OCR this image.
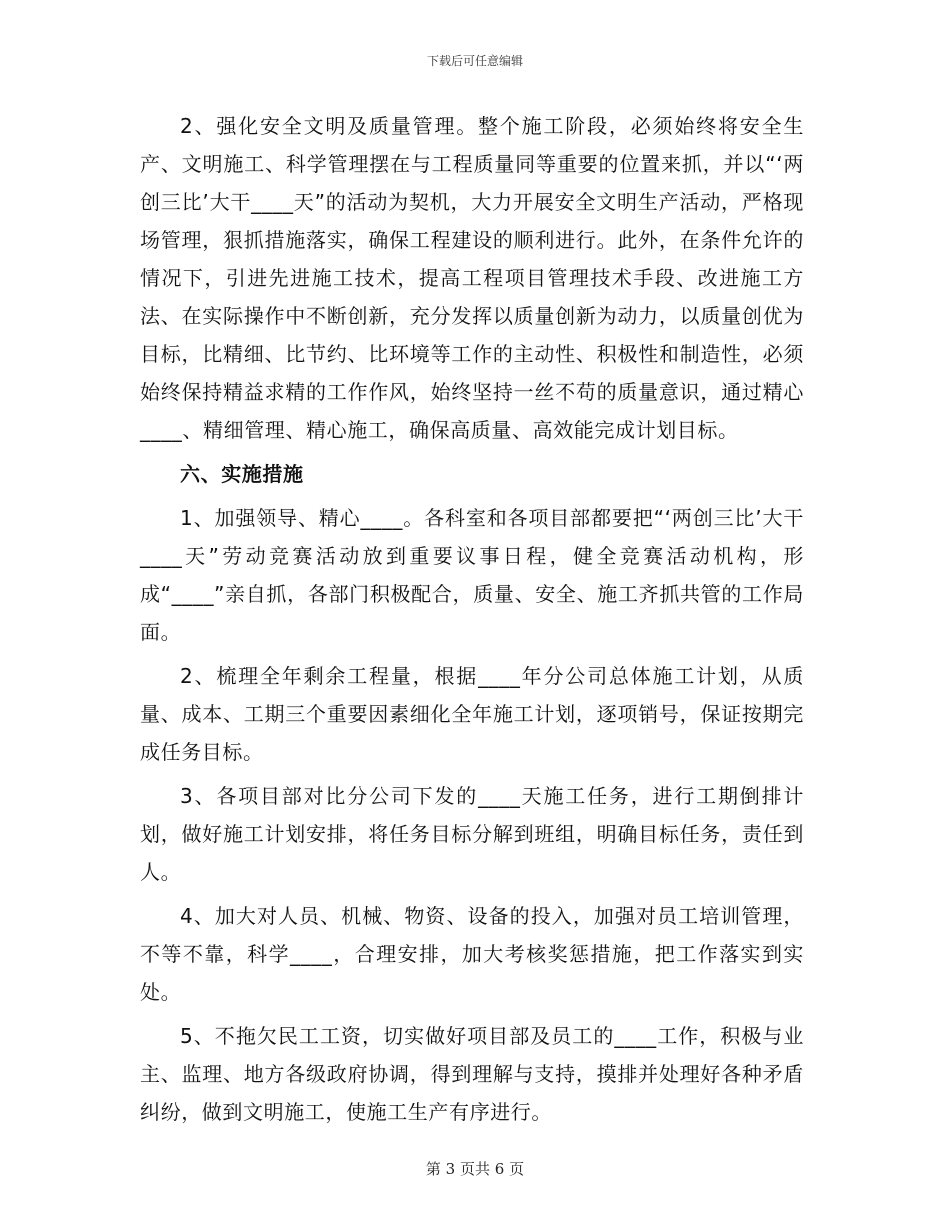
下载后可任意编辑

2、强化安全文明及质量管理。整个施工阶段，必须始终将安全生产、文明施工、科学管理摆在与工程质量同等重要的位置来抓，并以“‘两创三比’大干____天”的活动为契机，大力开展安全文明生产活动，严格现场管理，狠抓措施落实，确保工程建设的顺利进行。此外，在条件允许的情况下，引进先进施工技术，提高工程项目管理技术手段、改进施工方法、在实际操作中不断创新，充分发挥以质量创新为动力，以质量创优为目标，比精细、比节约、比环境等工作的主动性、积极性和制造性，必须始终保持精益求精的工作作风，始终坚持一丝不苟的质量意识，通过精心____、精细管理、精心施工，确保高质量、高效能完成计划目标。

六、实施措施

1、加强领导、精心____。各科室和各项目部都要把“‘两创三比’大干____天”劳动竞赛活动放到重要议事日程，健全竞赛活动机构，形成“____”亲自抓，各部门积极配合，质量、安全、施工齐抓共管的工作局面。

2、梳理全年剩余工程量，根据____年分公司总体施工计划，从质量、成本、工期三个重要因素细化全年施工计划，逐项销号，保证按期完成任务目标。

3、各项目部对比分公司下发的____天施工任务，进行工期倒排计划，做好施工计划安排，将任务目标分解到班组，明确目标任务，责任到人。

4、加大对人员、机械、物资、设备的投入，加强对员工培训管理，不等不靠，科学____，合理安排，加大考核奖惩措施，把工作落实到实处。

5、不拖欠民工工资，切实做好项目部及员工的____工作，积极与业主、监理、地方各级政府协调，得到理解与支持，摸排并处理好各种矛盾纠纷，做到文明施工，使施工生产有序进行。

第 3 页共 6 页
